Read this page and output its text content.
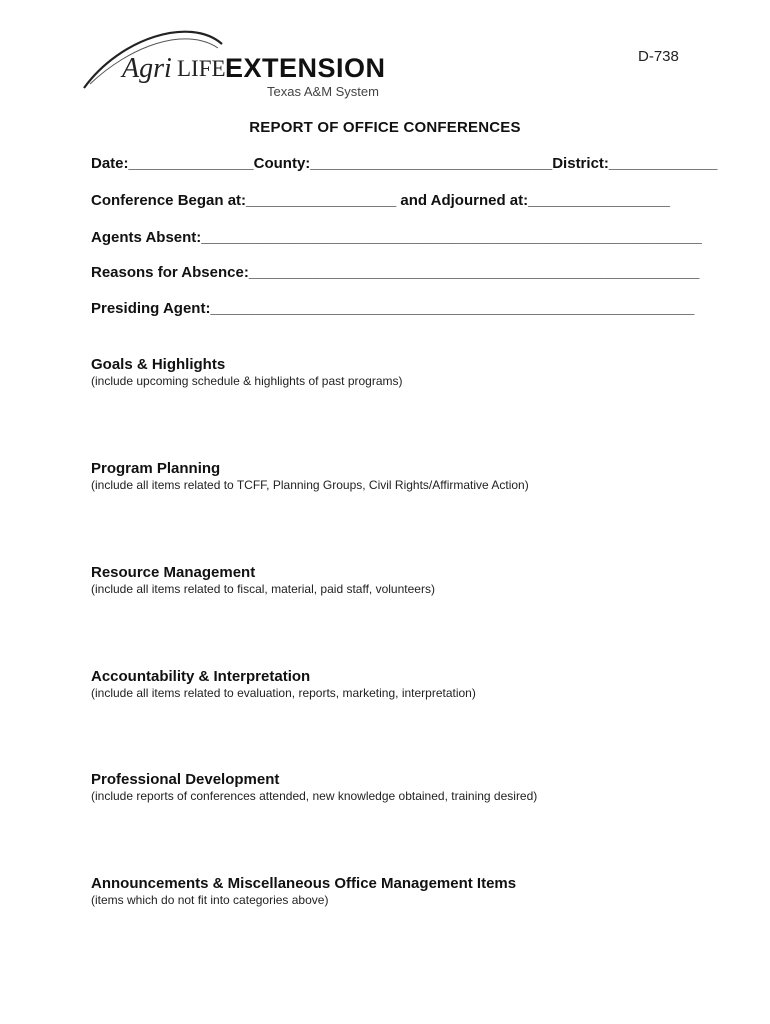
Agri LIFE EXTENSION
Texas A&M System
D-738
REPORT OF OFFICE CONFERENCES
Date:_______________County:_____________________________District:_____________
Conference Began at:__________________ and Adjourned at:_________________
Agents Absent:____________________________________________________________
Reasons for Absence:______________________________________________________
Presiding Agent:__________________________________________________________
Goals & Highlights
(include upcoming schedule & highlights of past programs)
Program Planning
(include all items related to TCFF, Planning Groups, Civil Rights/Affirmative Action)
Resource Management
(include all items related to fiscal, material, paid staff, volunteers)
Accountability & Interpretation
(include all items related to evaluation, reports, marketing, interpretation)
Professional Development
(include reports of conferences attended, new knowledge obtained, training desired)
Announcements & Miscellaneous Office Management Items
(items which do not fit into categories above)
